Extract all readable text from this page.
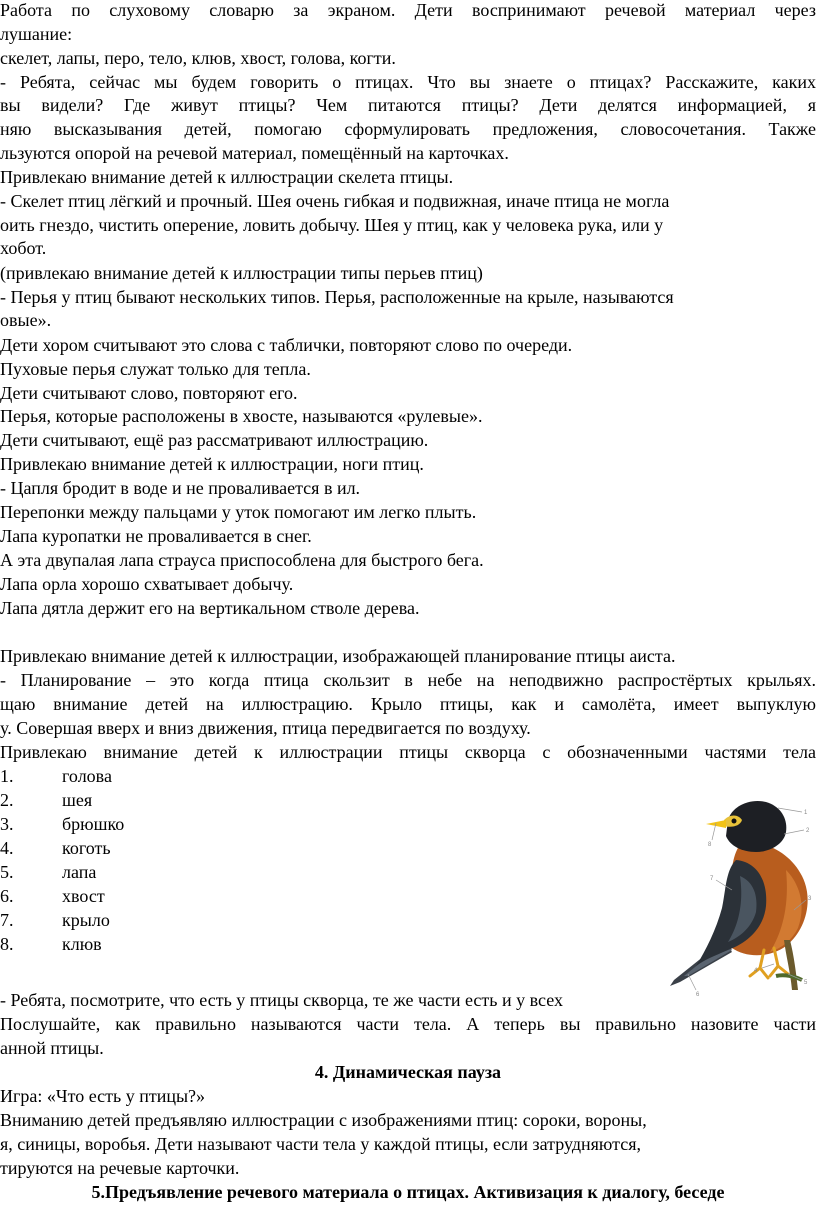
Работа по слуховому словарю за экраном. Дети воспринимают речевой материал через
лушание:
скелет, лапы, перо, тело, клюв, хвост, голова, когти.
- Ребята, сейчас мы будем говорить о птицах. Что вы знаете о птицах? Расскажите, каких
вы видели? Где живут птицы? Чем питаются птицы? Дети делятся информацией, я
няю высказывания детей, помогаю сформулировать предложения, словосочетания. Также
льзуются опорой на речевой материал, помещённый на карточках.
Привлекаю внимание детей к иллюстрации скелета птицы.
- Скелет птиц лёгкий и прочный. Шея очень гибкая и подвижная, иначе птица не могла
оить гнездо, чистить оперение, ловить добычу. Шея у птиц, как у человека рука, или у
хобот.
(привлекаю внимание детей к иллюстрации типы перьев птиц)
- Перья у птиц бывают нескольких типов. Перья, расположенные на крыле, называются
овые».
Дети хором считывают это слова с таблички, повторяют слово по очереди.
Пуховые перья служат только для тепла.
Дети считывают слово, повторяют его.
Перья, которые расположены в хвосте, называются «рулевые».
Дети считывают, ещё раз рассматривают иллюстрацию.
Привлекаю внимание детей к иллюстрации, ноги птиц.
- Цапля бродит в воде и не проваливается в ил.
Перепонки между пальцами у уток помогают им легко плыть.
Лапа куропатки не проваливается в снег.
А эта двупалая лапа страуса приспособлена для быстрого бега.
Лапа орла хорошо схватывает добычу.
Лапа дятла держит его на вертикальном стволе дерева.
Привлекаю внимание детей к иллюстрации, изображающей планирование птицы аиста.
- Планирование – это когда птица скользит в небе на неподвижно распростёртых крыльях.
щаю внимание детей на иллюстрацию. Крыло птицы, как и самолёта, имеет выпуклую
у. Совершая вверх и вниз движения, птица передвигается по воздуху.
Привлекаю внимание детей к иллюстрации птицы скворца с обозначенными частями тела
1.	голова
2.	шея
3.	брюшко
4.	коготь
5.	лапа
6.	хвост
7.	крыло
8.	клюв
1
2
3
4
5
6
7
8
- Ребята, посмотрите, что есть у птицы скворца, те же части есть и у всех
Послушайте, как правильно называются части тела. А теперь вы правильно назовите части
анной птицы.
4. Динамическая пауза
Игра: «Что есть у птицы?»
Вниманию детей предъявляю иллюстрации с изображениями птиц: сороки, вороны,
я, синицы, воробья. Дети называют части тела у каждой птицы, если затрудняются,
тируются на речевые карточки.
5.Предъявление речевого материала о птицах. Активизация к диалогу, беседе
